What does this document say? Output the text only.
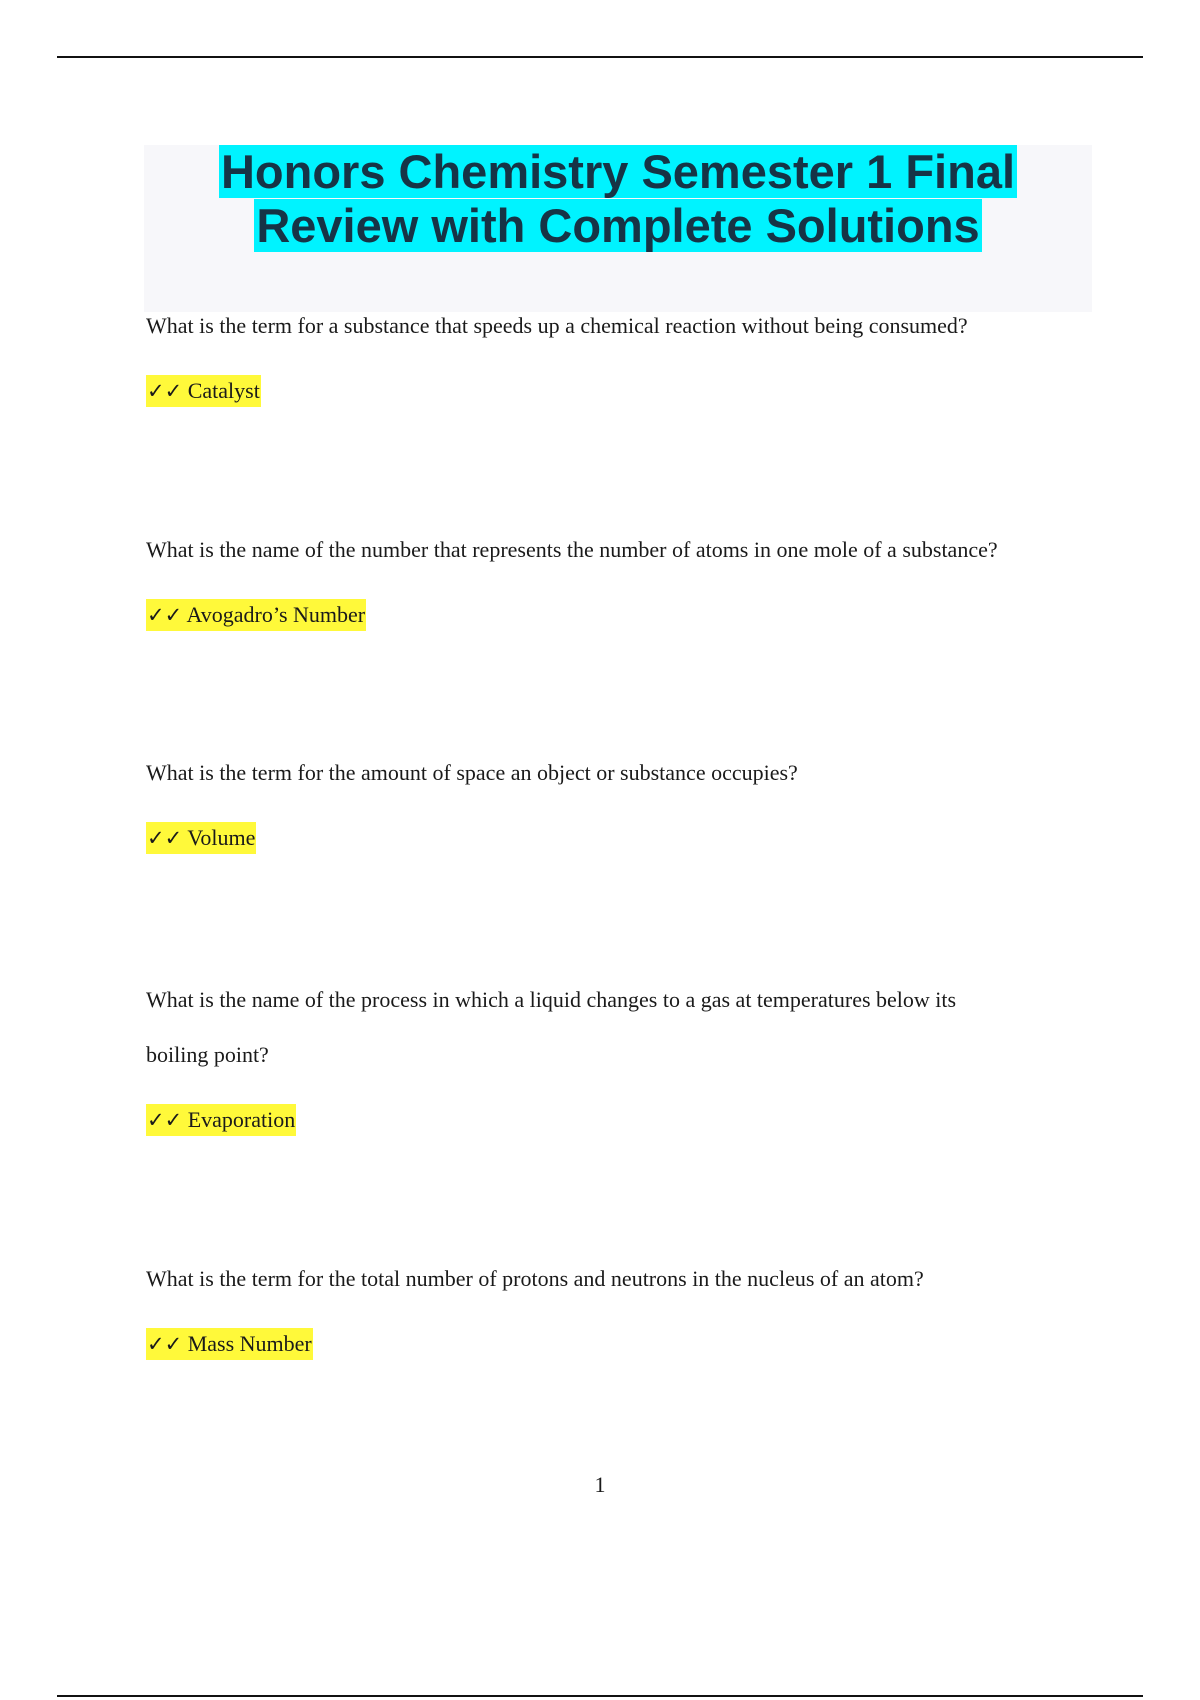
Honors Chemistry Semester 1 Final
Review with Complete Solutions

What is the term for a substance that speeds up a chemical reaction without being consumed?

✓✓ Catalyst

What is the name of the number that represents the number of atoms in one mole of a substance?

✓✓ Avogadro’s Number

What is the term for the amount of space an object or substance occupies?

✓✓ Volume

What is the name of the process in which a liquid changes to a gas at temperatures below its
boiling point?

✓✓ Evaporation

What is the term for the total number of protons and neutrons in the nucleus of an atom?

✓✓ Mass Number
1
